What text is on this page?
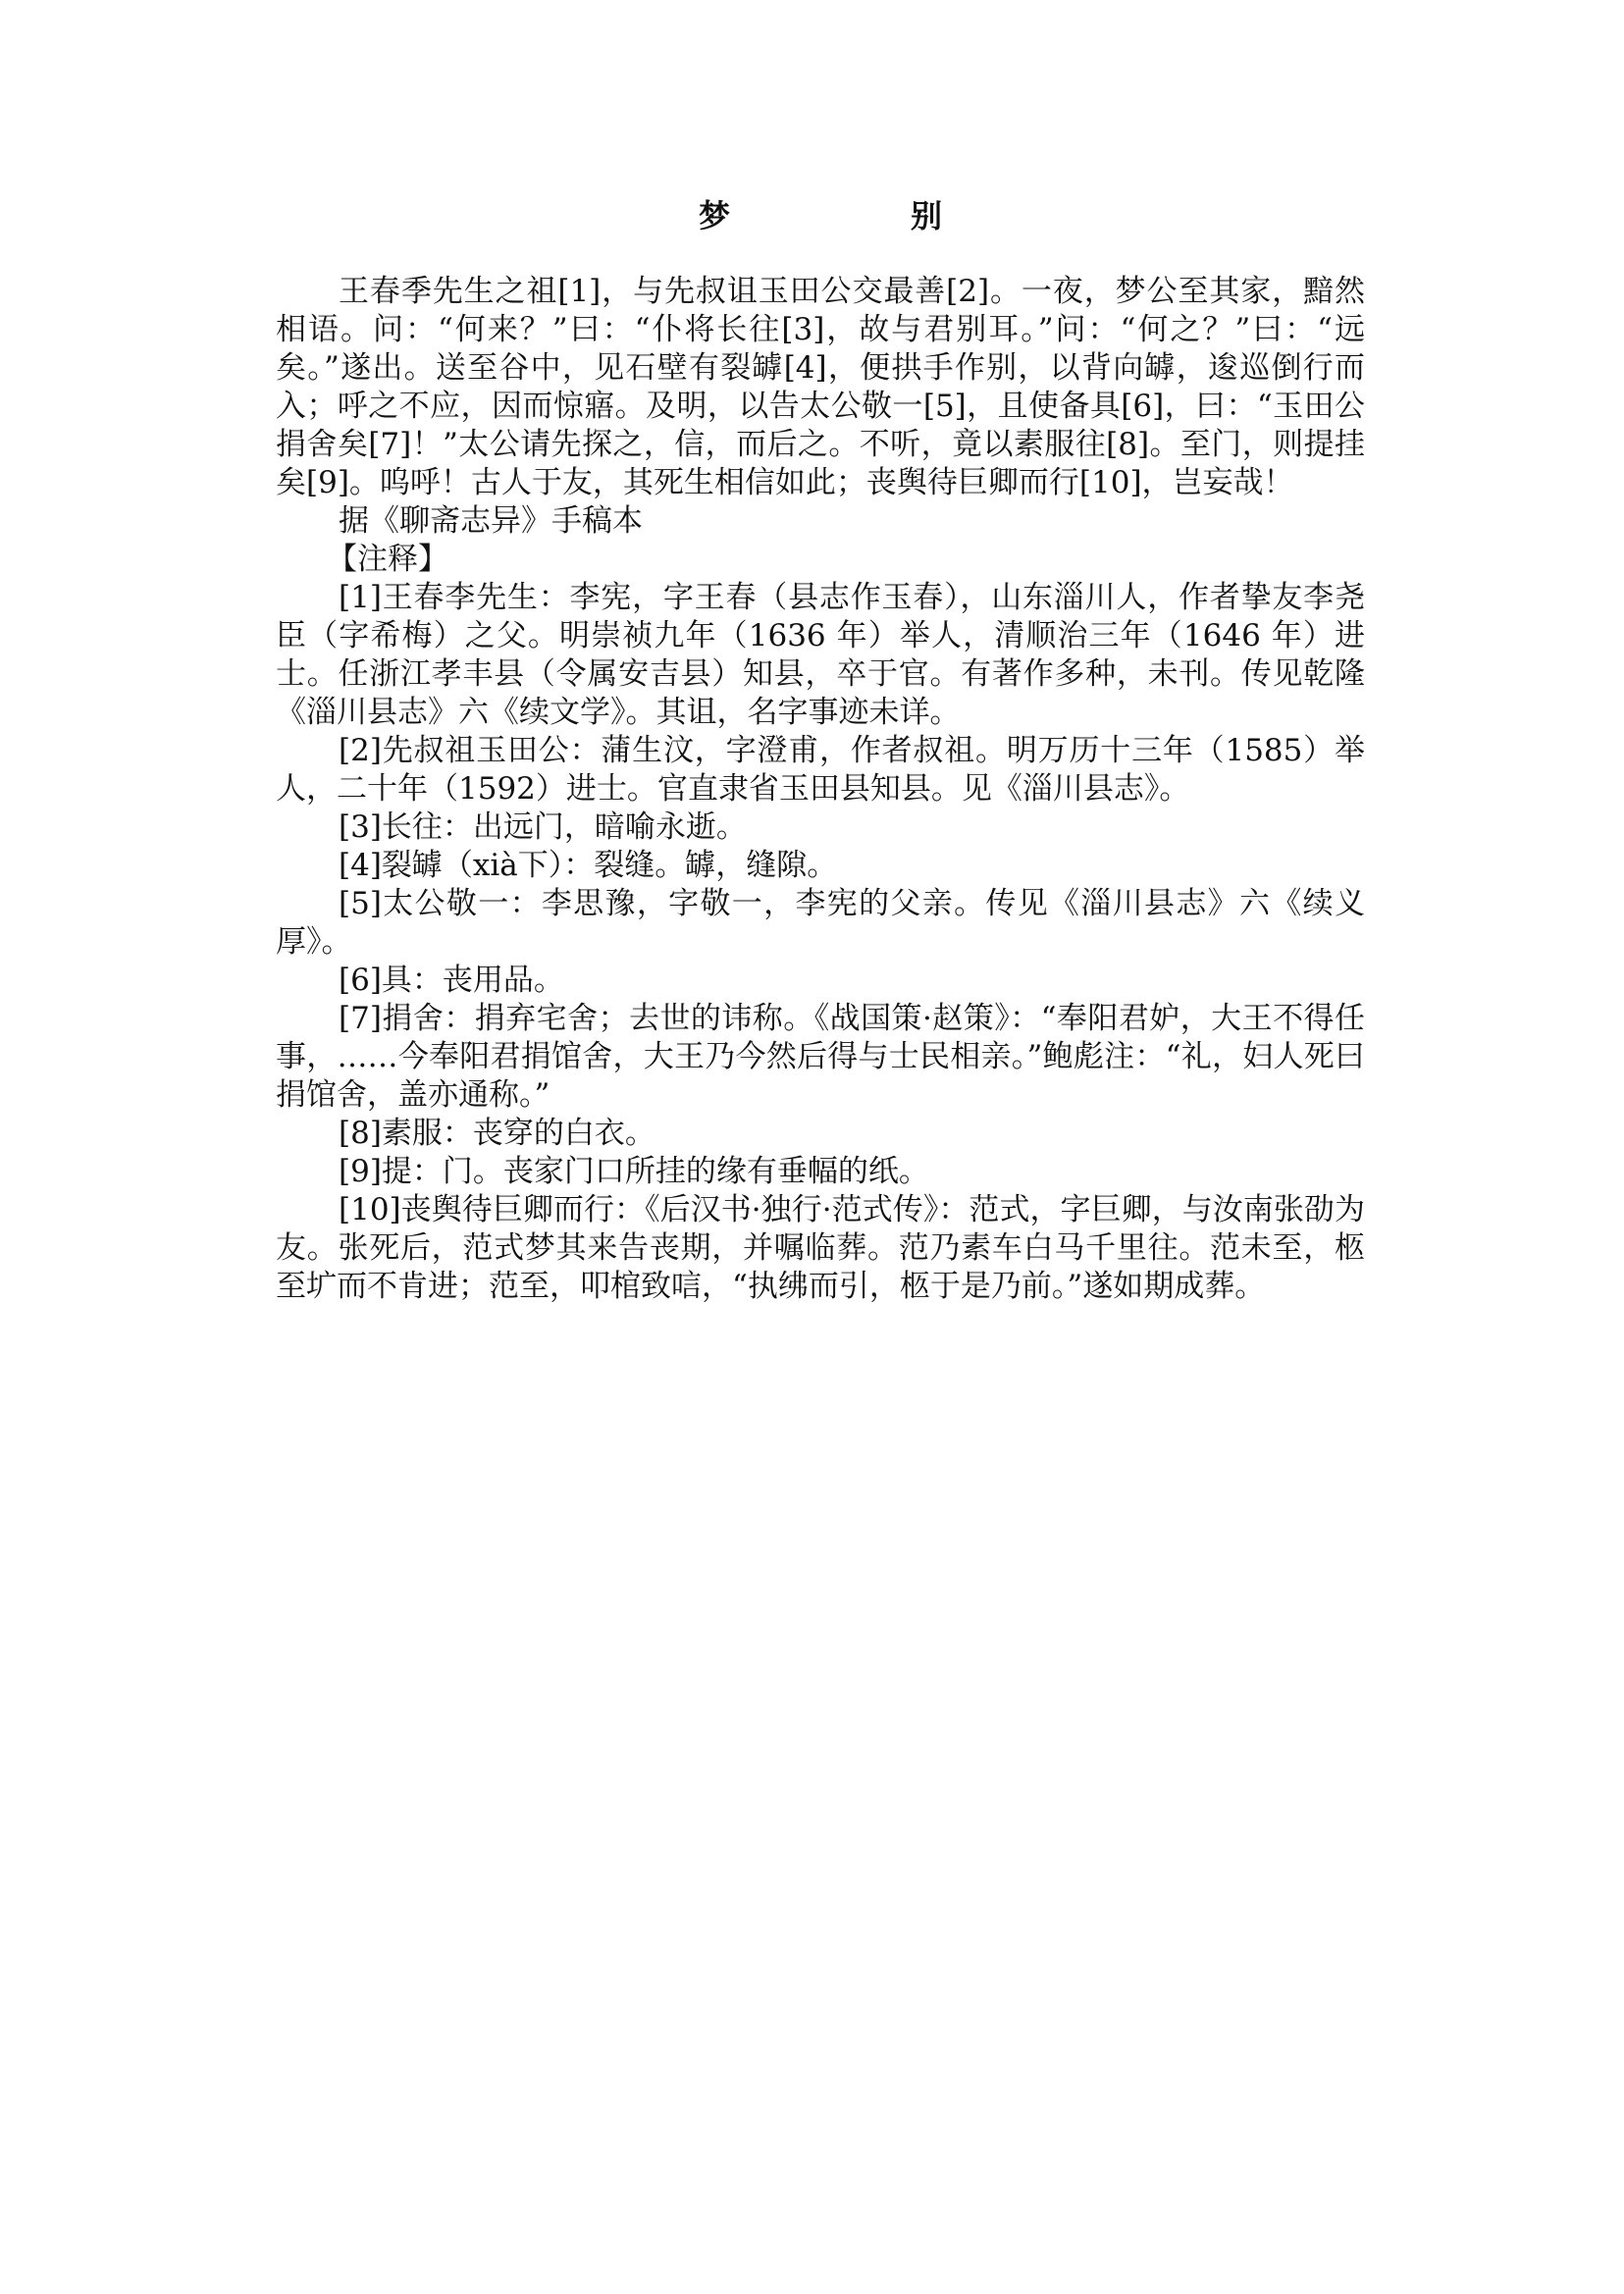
梦　　别

王春季先生之祖[1]，与先叔诅玉田公交最善[2]。一夜，梦公至其家，黯然相语。问：“何来？”曰：“仆将长往[3]，故与君别耳。”问：“何之？”曰：“远矣。”遂出。送至谷中，见石壁有裂罅[4]，便拱手作别，以背向罅，逡巡倒行而入；呼之不应，因而惊寤。及明，以告太公敬一[5]，且使备具[6]，曰：“玉田公捐舍矣[7]！”太公请先探之，信，而后之。不听，竟以素服往[8]。至门，则提挂矣[9]。呜呼！古人于友，其死生相信如此；丧舆待巨卿而行[10]，岂妄哉！

据《聊斋志异》手稿本

【注释】

[1]王春李先生：李宪，字王春（县志作玉春），山东淄川人，作者挚友李尧臣（字希梅）之父。明崇祯九年（1636 年）举人，清顺治三年（1646 年）进士。任浙江孝丰县（令属安吉县）知县，卒于官。有著作多种，未刊。传见乾隆《淄川县志》六《续文学》。其诅，名字事迹未详。

[2]先叔祖玉田公：蒲生汶，字澄甫，作者叔祖。明万历十三年（1585）举人，二十年（1592）进士。官直隶省玉田县知县。见《淄川县志》。

[3]长往：出远门，暗喻永逝。

[4]裂罅（xià下）：裂缝。罅，缝隙。

[5]太公敬一：李思豫，字敬一，李宪的父亲。传见《淄川县志》六《续义厚》。

[6]具：丧用品。

[7]捐舍：捐弃宅舍；去世的讳称。《战国策·赵策》：“奉阳君妒，大王不得任事，……今奉阳君捐馆舍，大王乃今然后得与士民相亲。”鲍彪注：“礼，妇人死曰捐馆舍，盖亦通称。”

[8]素服：丧穿的白衣。

[9]提：门。丧家门口所挂的缘有垂幅的纸。

[10]丧舆待巨卿而行：《后汉书·独行·范式传》：范式，字巨卿，与汝南张劭为友。张死后，范式梦其来告丧期，并嘱临葬。范乃素车白马千里往。范未至，柩至圹而不肯进；范至，叩棺致唁，“执绋而引，柩于是乃前。”遂如期成葬。
